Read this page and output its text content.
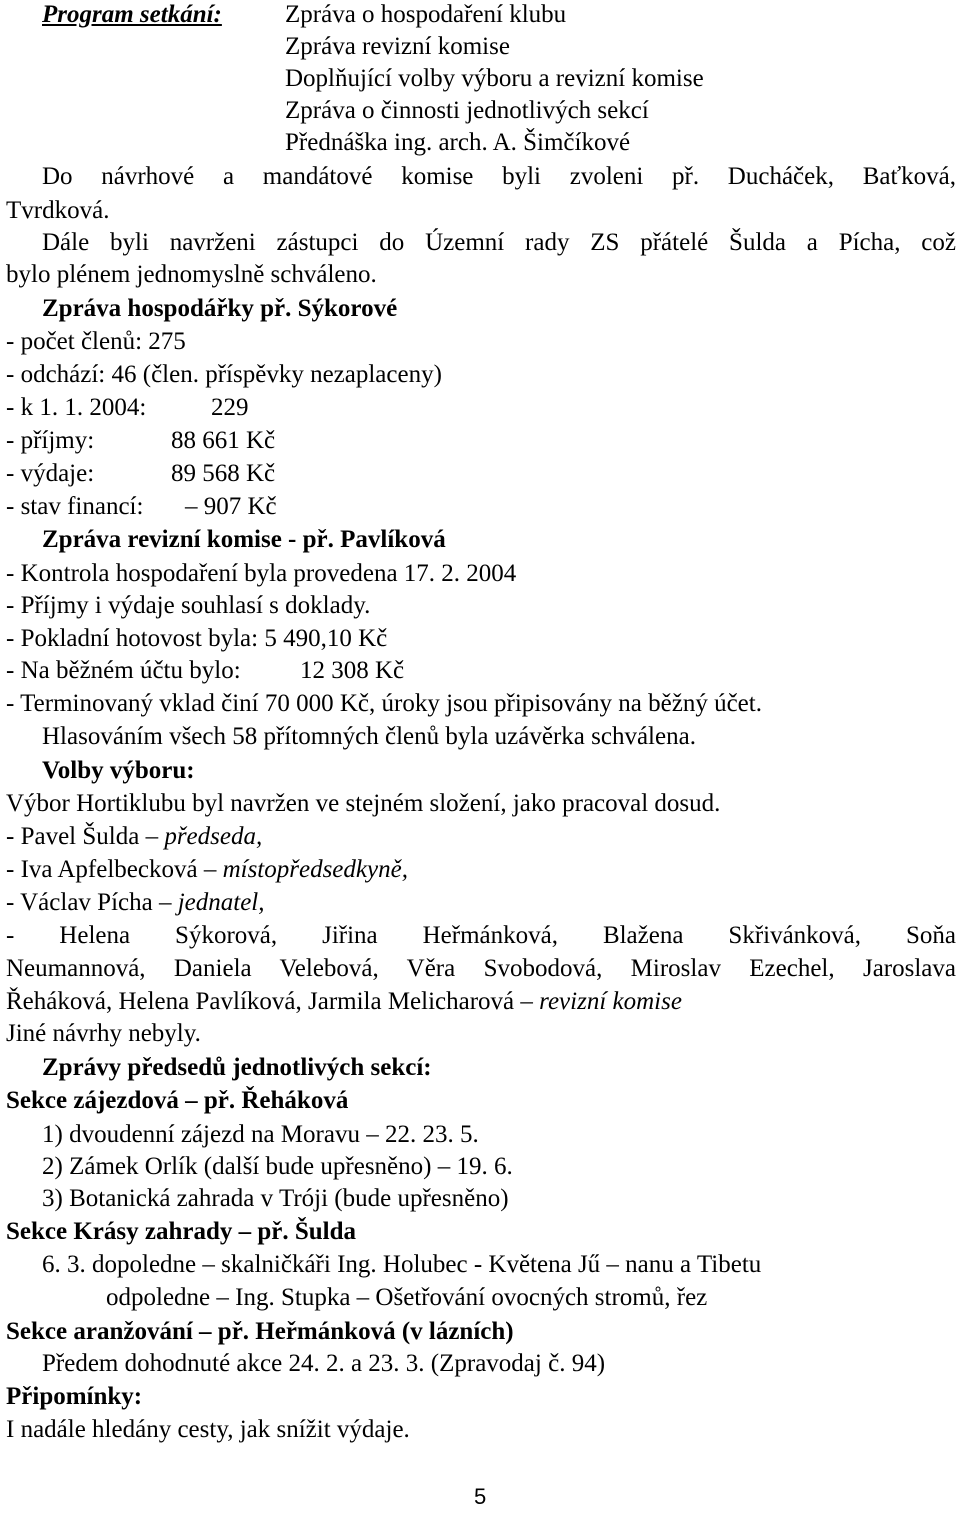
Program setkání:	Zpráva o hospodaření klubu
Zpráva revizní komise
Doplňující volby výboru a revizní komise
Zpráva o činnosti jednotlivých sekcí
Přednáška ing. arch. A. Šimčíkové
Do návrhové a mandátové komise byli zvoleni př. Ducháček, Baťková,
Tvrdková.
Dále byli navrženi zástupci do Územní rady ZS přátelé Šulda a Pícha, což
bylo plénem jednomyslně schváleno.
Zpráva hospodářky př. Sýkorové
- počet členů: 275
- odchází: 46 (člen. příspěvky nezaplaceny)
- k 1. 1. 2004:	229
- příjmy:	88 661 Kč
- výdaje:	89 568 Kč
- stav financí: – 907 Kč
Zpráva revizní komise - př. Pavlíková
- Kontrola hospodaření byla provedena 17. 2. 2004
- Příjmy i výdaje souhlasí s doklady.
- Pokladní hotovost byla: 5 490,10 Kč
- Na běžném účtu bylo: 12 308 Kč
- Terminovaný vklad činí 70 000 Kč, úroky jsou připisovány na běžný účet.
Hlasováním všech 58 přítomných členů byla uzávěrka schválena.
Volby výboru:
Výbor Hortiklubu byl navržen ve stejném složení, jako pracoval dosud.
- Pavel Šulda – předseda,
- Iva Apfelbecková – místopředsedkyně,
- Václav Pícha – jednatel,
- Helena Sýkorová, Jiřina Heřmánková, Blažena Skřivánková, Soňa
Neumannová, Daniela Velebová, Věra Svobodová, Miroslav Ezechel, Jaroslava
Řeháková, Helena Pavlíková, Jarmila Melicharová – revizní komise
Jiné návrhy nebyly.
Zprávy předsedů jednotlivých sekcí:
Sekce zájezdová – př. Řeháková
1) dvoudenní zájezd na Moravu – 22. 23. 5.
2) Zámek Orlík (další bude upřesněno) – 19. 6.
3) Botanická zahrada v Tróji (bude upřesněno)
Sekce Krásy zahrady – př. Šulda
6. 3. dopoledne – skalničkáři Ing. Holubec - Květena Jű – nanu a Tibetu
odpoledne – Ing. Stupka – Ošetřování ovocných stromů, řez
Sekce aranžování – př. Heřmánková (v lázních)
Předem dohodnuté akce 24. 2. a 23. 3. (Zpravodaj č. 94)
Připomínky:
I nadále hledány cesty, jak snížit výdaje.
5
